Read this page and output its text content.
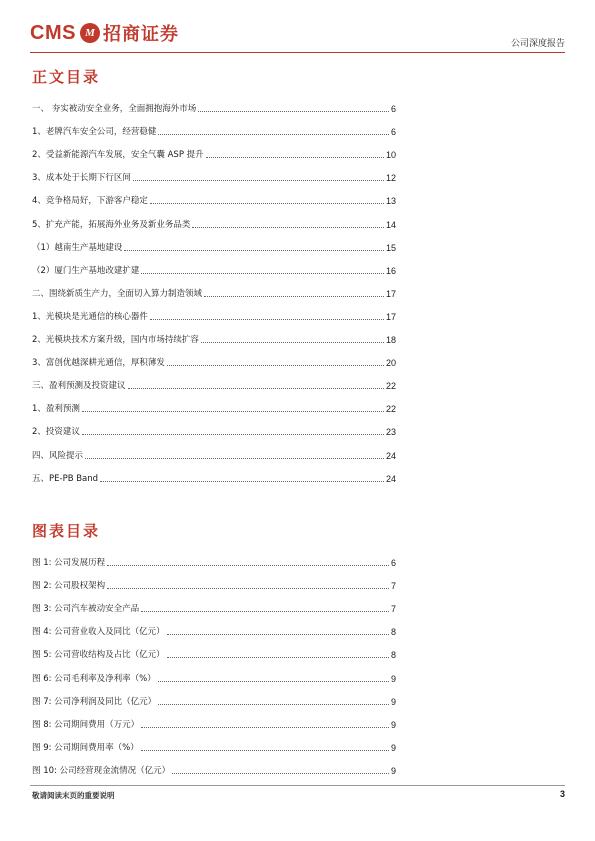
CMS M 招商证券	公司深度报告
正文目录
一、 夯实被动安全业务，全面拥抱海外市场	6
1、老牌汽车安全公司，经营稳健	6
2、受益新能源汽车发展，安全气囊 ASP 提升	10
3、成本处于长期下行区间	12
4、竞争格局好，下游客户稳定	13
5、扩充产能，拓展海外业务及新业务品类	14
（1）越南生产基地建设	15
（2）厦门生产基地改建扩建	16
二、围绕新质生产力，全面切入算力制造领域	17
1、光模块是光通信的核心器件	17
2、光模块技术方案升级，国内市场持续扩容	18
3、富创优越深耕光通信，厚积薄发	20
三、盈利预测及投资建议	22
1、盈利预测	22
2、投资建议	23
四、风险提示	24
五、PE-PB Band	24
图表目录
图 1: 公司发展历程	6
图 2: 公司股权架构	7
图 3: 公司汽车被动安全产品	7
图 4: 公司营业收入及同比（亿元）	8
图 5: 公司营收结构及占比（亿元）	8
图 6: 公司毛利率及净利率（%）	9
图 7: 公司净利润及同比（亿元）	9
图 8: 公司期间费用（万元）	9
图 9: 公司期间费用率（%）	9
图 10: 公司经营现金流情况（亿元）	9
敬请阅读末页的重要说明	3
